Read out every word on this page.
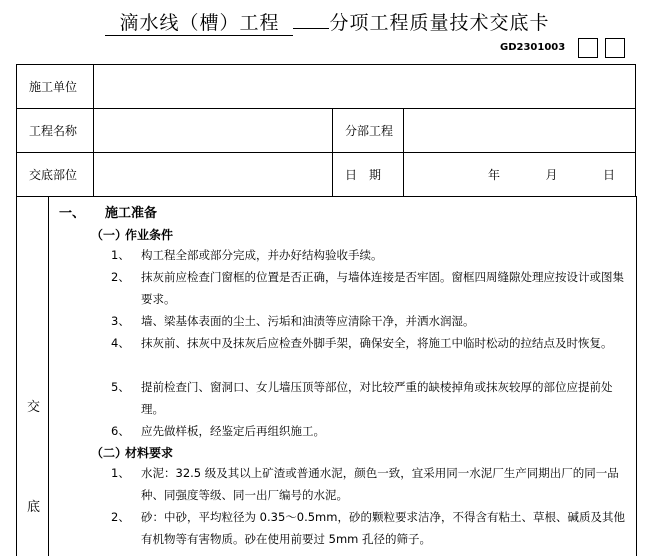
滴水线（槽）工程	分项工程质量技术交底卡
GD2301003
施工单位			
工程名称		分部工程	
交底部位		日　期	年 月 日
交
底
一、 施工准备
（一）作业条件
1、 构工程全部或部分完成，并办好结构验收手续。
2、 抹灰前应检查门窗框的位置是否正确，与墙体连接是否牢固。窗框四周缝隙处理应按设计或图集要求。
3、 墙、梁基体表面的尘土、污垢和油渍等应清除干净，并洒水润湿。
4、 抹灰前、抹灰中及抹灰后应检查外脚手架，确保安全，将施工中临时松动的拉结点及时恢复。
5、 提前检查门、窗洞口、女儿墙压顶等部位，对比较严重的缺棱掉角或抹灰较厚的部位应提前处理。
6、 应先做样板，经鉴定后再组织施工。
（二）材料要求
1、 水泥：32.5 级及其以上矿渣或普通水泥，颜色一致，宜采用同一水泥厂生产同期出厂的同一品种、同强度等级、同一出厂编号的水泥。
2、 砂：中砂，平均粒径为 0.35～0.5mm，砂的颗粒要求洁净，不得含有粘土、草根、碱质及其他有机物等有害物质。砂在使用前要过 5mm 孔径的筛子。
